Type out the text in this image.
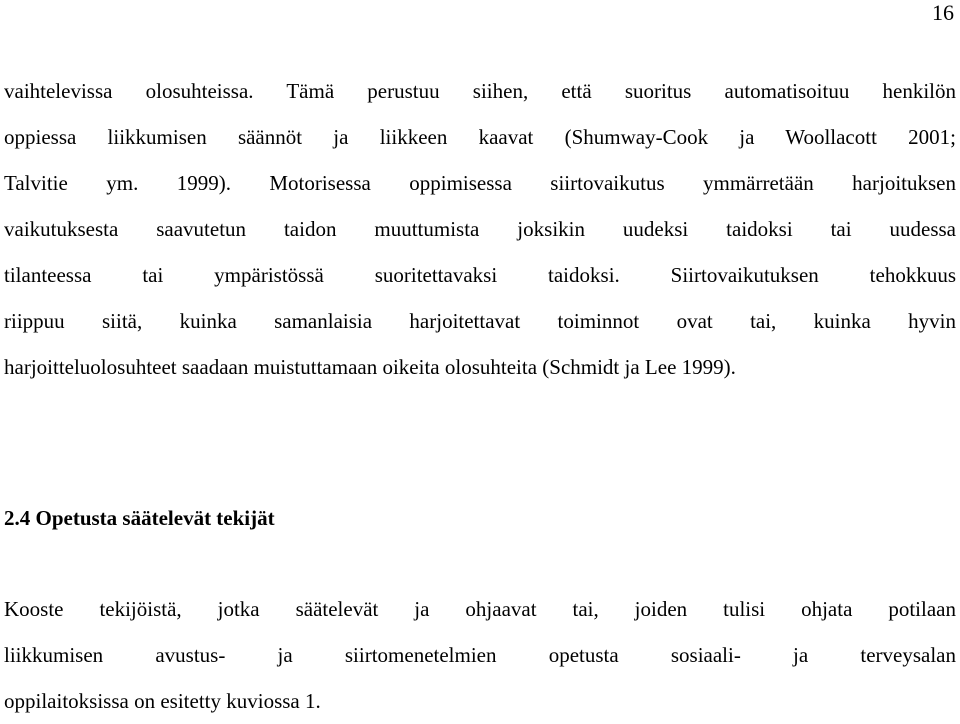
16
vaihtelevissa olosuhteissa. Tämä perustuu siihen, että suoritus automatisoituu henkilön
oppiessa liikkumisen säännöt ja liikkeen kaavat (Shumway-Cook ja Woollacott 2001;
Talvitie ym. 1999). Motorisessa oppimisessa siirtovaikutus ymmärretään harjoituksen
vaikutuksesta saavutetun taidon muuttumista joksikin uudeksi taidoksi tai uudessa
tilanteessa tai ympäristössä suoritettavaksi taidoksi. Siirtovaikutuksen tehokkuus
riippuu siitä, kuinka samanlaisia harjoitettavat toiminnot ovat tai, kuinka hyvin
harjoitteluolosuhteet saadaan muistuttamaan oikeita olosuhteita (Schmidt ja Lee 1999).
2.4 Opetusta säätelevät tekijät
Kooste tekijöistä, jotka säätelevät ja ohjaavat tai, joiden tulisi ohjata potilaan
liikkumisen avustus- ja siirtomenetelmien opetusta sosiaali- ja terveysalan
oppilaitoksissa on esitetty kuviossa 1.
